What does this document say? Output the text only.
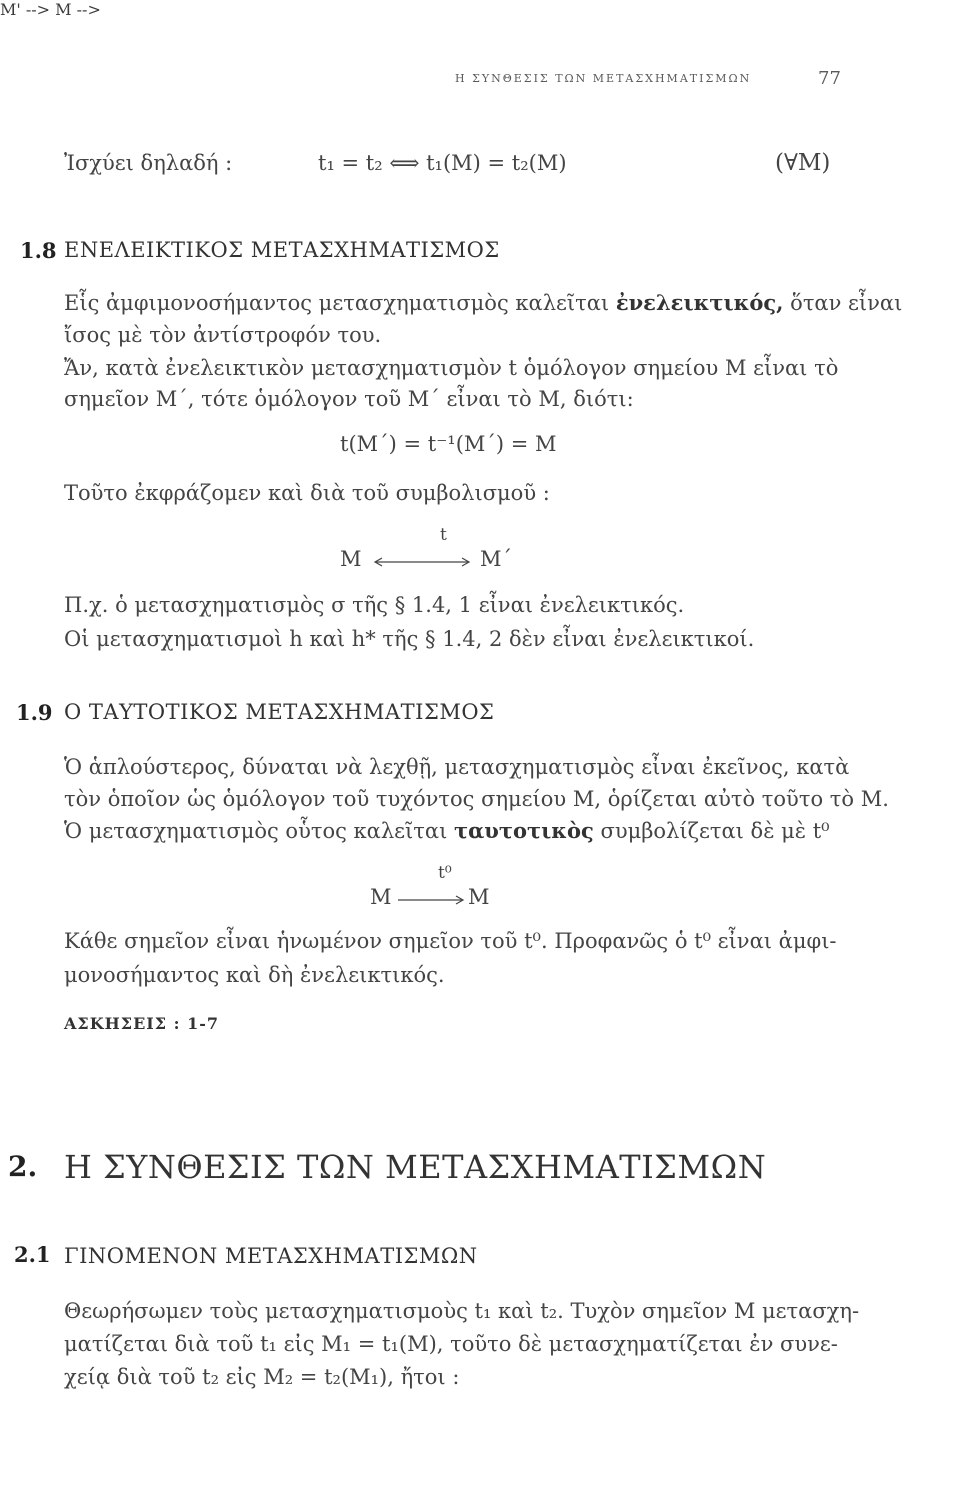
Η ΣΥΝΘΕΣΙΣ ΤΩΝ ΜΕΤΑΣΧΗΜΑΤΙΣΜΩΝ	77
Ἰσχύει δηλαδή :	t₁ = t₂ ⟺ t₁(M) = t₂(M)	(∀M)
1.8 ΕΝΕΛΕΙΚΤΙΚΟΣ ΜΕΤΑΣΧΗΜΑΤΙΣΜΟΣ
Εἷς ἀμφιμονοσήμαντος μετασχηματισμὸς καλεῖται ἐνελεικτικός, ὅταν εἶναι
ἴσος μὲ τὸν ἀντίστροφόν του.
Ἄν, κατὰ ἐνελεικτικὸν μετασχηματισμὸν t ὁμόλογον σημείου M εἶναι τὸ
σημεῖον M΄, τότε ὁμόλογον τοῦ M΄ εἶναι τὸ M, διότι:
t(M΄) = t⁻¹(M΄) = M
Τοῦτο ἐκφράζομεν καὶ διὰ τοῦ συμβολισμοῦ :
M' -->
t
M	M΄
Π.χ. ὁ μετασχηματισμὸς σ τῆς § 1.4, 1 εἶναι ἐνελεικτικός.
Οἱ μετασχηματισμοὶ h καὶ h* τῆς § 1.4, 2 δὲν εἶναι ἐνελεικτικοί.
1.9 Ο ΤΑΥΤΟΤΙΚΟΣ ΜΕΤΑΣΧΗΜΑΤΙΣΜΟΣ
Ὁ ἁπλούστερος, δύναται νὰ λεχθῇ, μετασχηματισμὸς εἶναι ἐκεῖνος, κατὰ
τὸν ὁποῖον ὡς ὁμόλογον τοῦ τυχόντος σημείου M, ὁρίζεται αὐτὸ τοῦτο τὸ M.
Ὁ μετασχηματισμὸς οὗτος καλεῖται ταυτοτικὸς συμβολίζεται δὲ μὲ t⁰
M -->
t⁰
M	M
Κάθε σημεῖον εἶναι ἡνωμένον σημεῖον τοῦ t⁰. Προφανῶς ὁ t⁰ εἶναι ἀμφι-
μονοσήμαντος καὶ δὴ ἐνελεικτικός.
ΑΣΚΗΣΕΙΣ : 1-7
2. Η ΣΥΝΘΕΣΙΣ ΤΩΝ ΜΕΤΑΣΧΗΜΑΤΙΣΜΩΝ
2.1 ΓΙΝΟΜΕΝΟΝ ΜΕΤΑΣΧΗΜΑΤΙΣΜΩΝ
Θεωρήσωμεν τοὺς μετασχηματισμοὺς t₁ καὶ t₂. Τυχὸν σημεῖον M μετασχη-
ματίζεται διὰ τοῦ t₁ εἰς M₁ = t₁(M), τοῦτο δὲ μετασχηματίζεται ἐν συνε-
χείᾳ διὰ τοῦ t₂ εἰς M₂ = t₂(M₁), ἤτοι :
